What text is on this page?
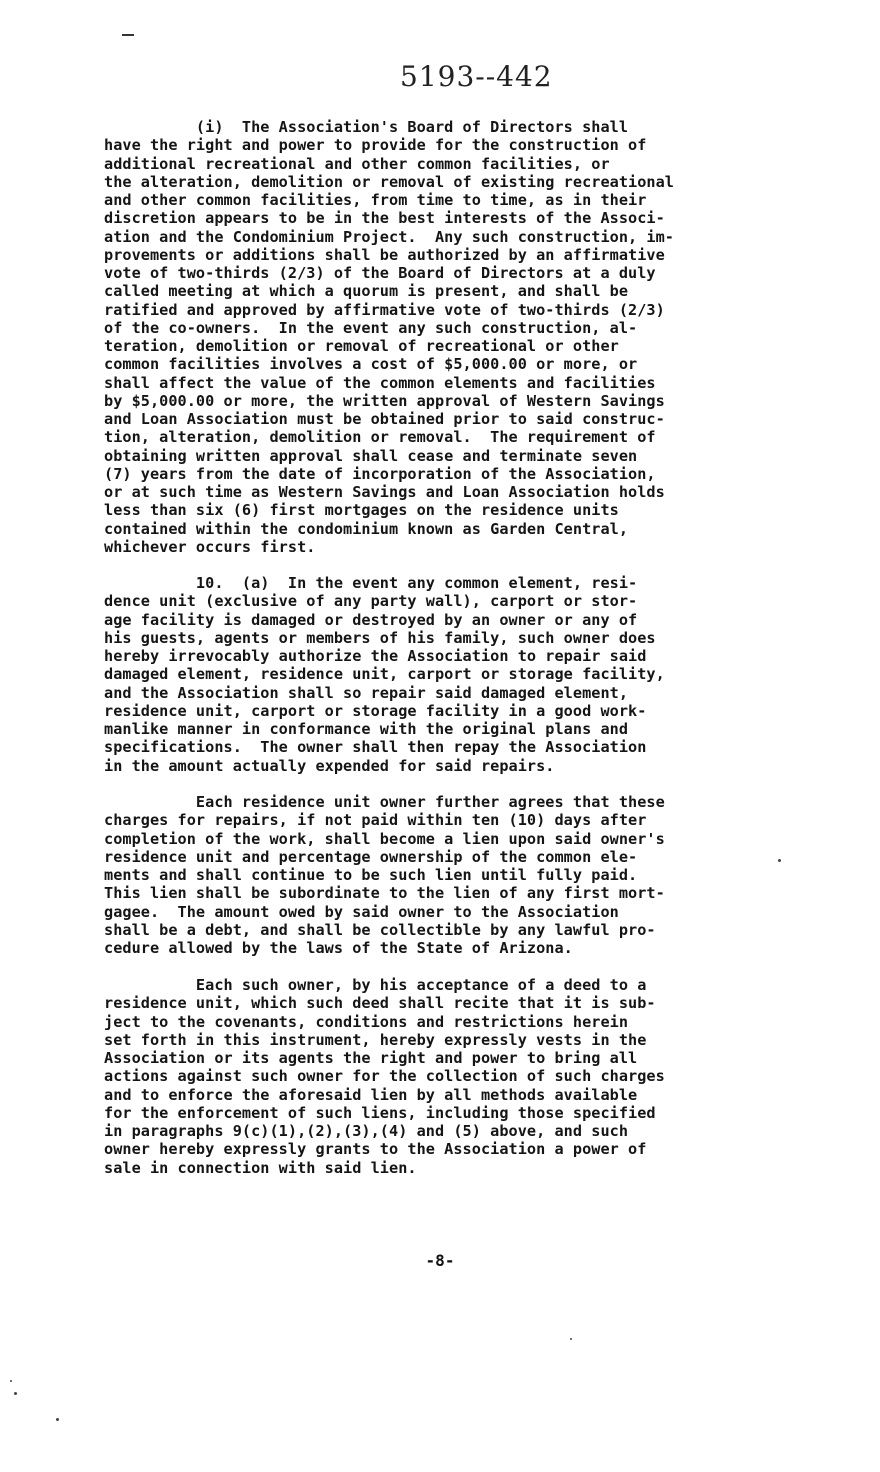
5193--442
(i)  The Association's Board of Directors shall
have the right and power to provide for the construction of
additional recreational and other common facilities, or
the alteration, demolition or removal of existing recreational
and other common facilities, from time to time, as in their
discretion appears to be in the best interests of the Associ-
ation and the Condominium Project.  Any such construction, im-
provements or additions shall be authorized by an affirmative
vote of two-thirds (2/3) of the Board of Directors at a duly
called meeting at which a quorum is present, and shall be
ratified and approved by affirmative vote of two-thirds (2/3)
of the co-owners.  In the event any such construction, al-
teration, demolition or removal of recreational or other
common facilities involves a cost of $5,000.00 or more, or
shall affect the value of the common elements and facilities
by $5,000.00 or more, the written approval of Western Savings
and Loan Association must be obtained prior to said construc-
tion, alteration, demolition or removal.  The requirement of
obtaining written approval shall cease and terminate seven
(7) years from the date of incorporation of the Association,
or at such time as Western Savings and Loan Association holds
less than six (6) first mortgages on the residence units
contained within the condominium known as Garden Central,
whichever occurs first.
10.  (a)  In the event any common element, resi-
dence unit (exclusive of any party wall), carport or stor-
age facility is damaged or destroyed by an owner or any of
his guests, agents or members of his family, such owner does
hereby irrevocably authorize the Association to repair said
damaged element, residence unit, carport or storage facility,
and the Association shall so repair said damaged element,
residence unit, carport or storage facility in a good work-
manlike manner in conformance with the original plans and
specifications.  The owner shall then repay the Association
in the amount actually expended for said repairs.
Each residence unit owner further agrees that these
charges for repairs, if not paid within ten (10) days after
completion of the work, shall become a lien upon said owner's
residence unit and percentage ownership of the common ele-
ments and shall continue to be such lien until fully paid.
This lien shall be subordinate to the lien of any first mort-
gagee.  The amount owed by said owner to the Association
shall be a debt, and shall be collectible by any lawful pro-
cedure allowed by the laws of the State of Arizona.
Each such owner, by his acceptance of a deed to a
residence unit, which such deed shall recite that it is sub-
ject to the covenants, conditions and restrictions herein
set forth in this instrument, hereby expressly vests in the
Association or its agents the right and power to bring all
actions against such owner for the collection of such charges
and to enforce the aforesaid lien by all methods available
for the enforcement of such liens, including those specified
in paragraphs 9(c)(1),(2),(3),(4) and (5) above, and such
owner hereby expressly grants to the Association a power of
sale in connection with said lien.
-8-
